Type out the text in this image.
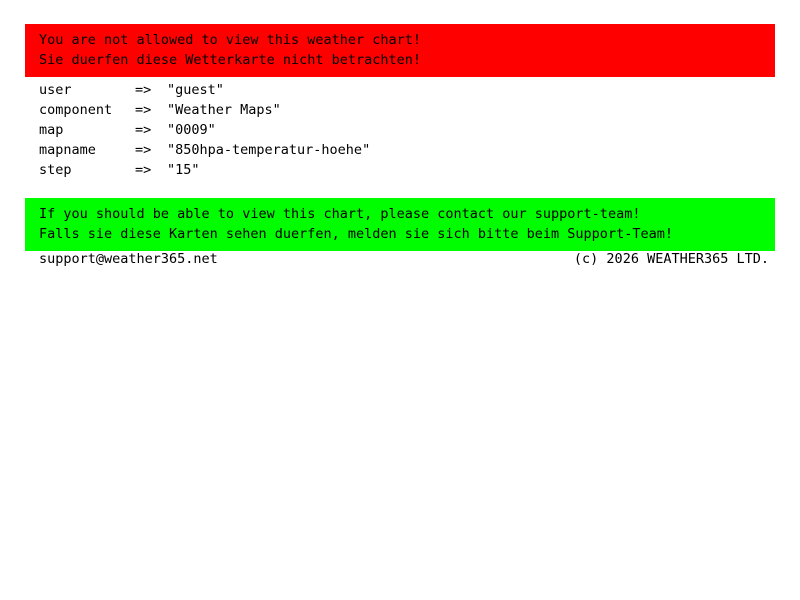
You are not allowed to view this weather chart!
Sie duerfen diese Wetterkarte nicht betrachten!
user	=>	"guest"
component	=>	"Weather Maps"
map	=>	"0009"
mapname	=>	"850hpa-temperatur-hoehe"
step	=>	"15"
If you should be able to view this chart, please contact our support-team!
Falls sie diese Karten sehen duerfen, melden sie sich bitte beim Support-Team!
support@weather365.net	(c) 2026 WEATHER365 LTD.
